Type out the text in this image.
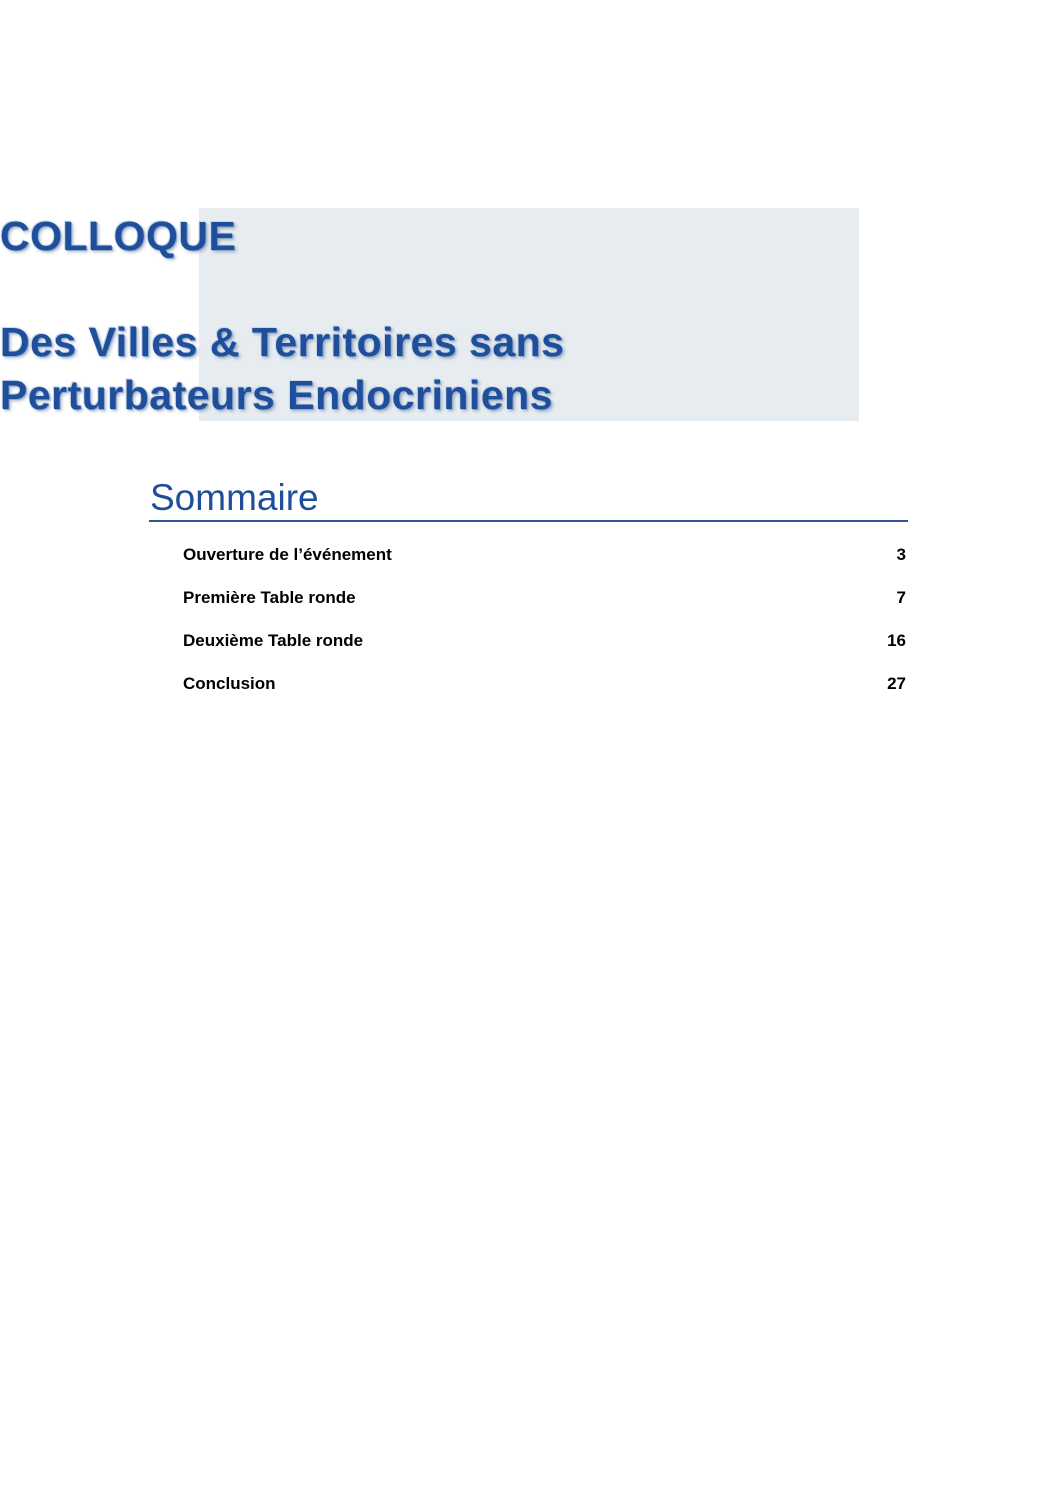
COLLOQUE
Des Villes & Territoires sans
Perturbateurs Endocriniens
Sommaire
Ouverture de l’événement	3
Première Table ronde	7
Deuxième Table ronde	16
Conclusion	27
